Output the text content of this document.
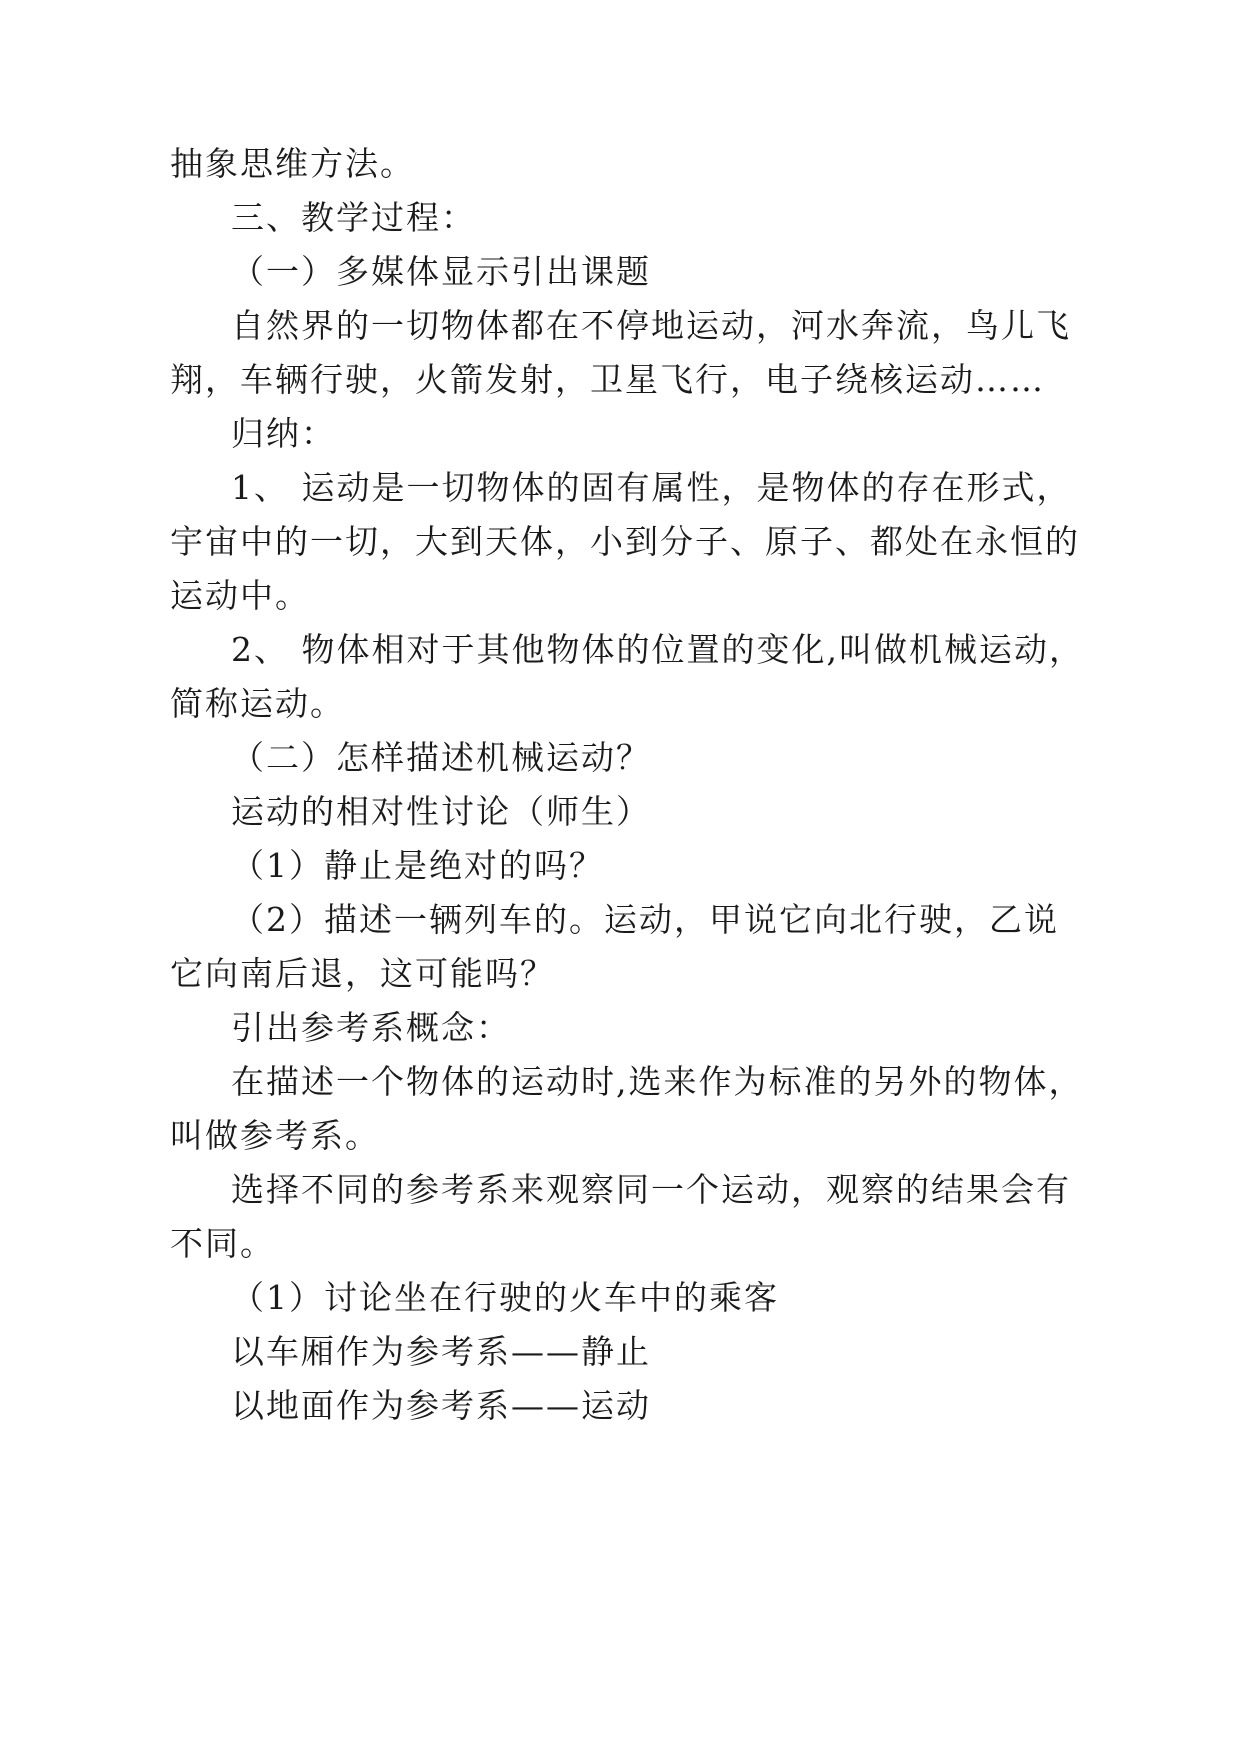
抽象思维方法。
三、教学过程：
（一）多媒体显示引出课题
自然界的一切物体都在不停地运动，河水奔流，鸟儿飞
翔，车辆行驶，火箭发射，卫星飞行，电子绕核运动……
归纳：
1、 运动是一切物体的固有属性，是物体的存在形式，
宇宙中的一切，大到天体，小到分子、原子、都处在永恒的
运动中。
2、 物体相对于其他物体的位置的变化,叫做机械运动，
简称运动。
（二）怎样描述机械运动？
运动的相对性讨论（师生）
（1）静止是绝对的吗？
（2）描述一辆列车的。运动，甲说它向北行驶，乙说
它向南后退，这可能吗？
引出参考系概念：
在描述一个物体的运动时,选来作为标准的另外的物体，
叫做参考系。
选择不同的参考系来观察同一个运动，观察的结果会有
不同。
（1）讨论坐在行驶的火车中的乘客
以车厢作为参考系——静止
以地面作为参考系——运动
